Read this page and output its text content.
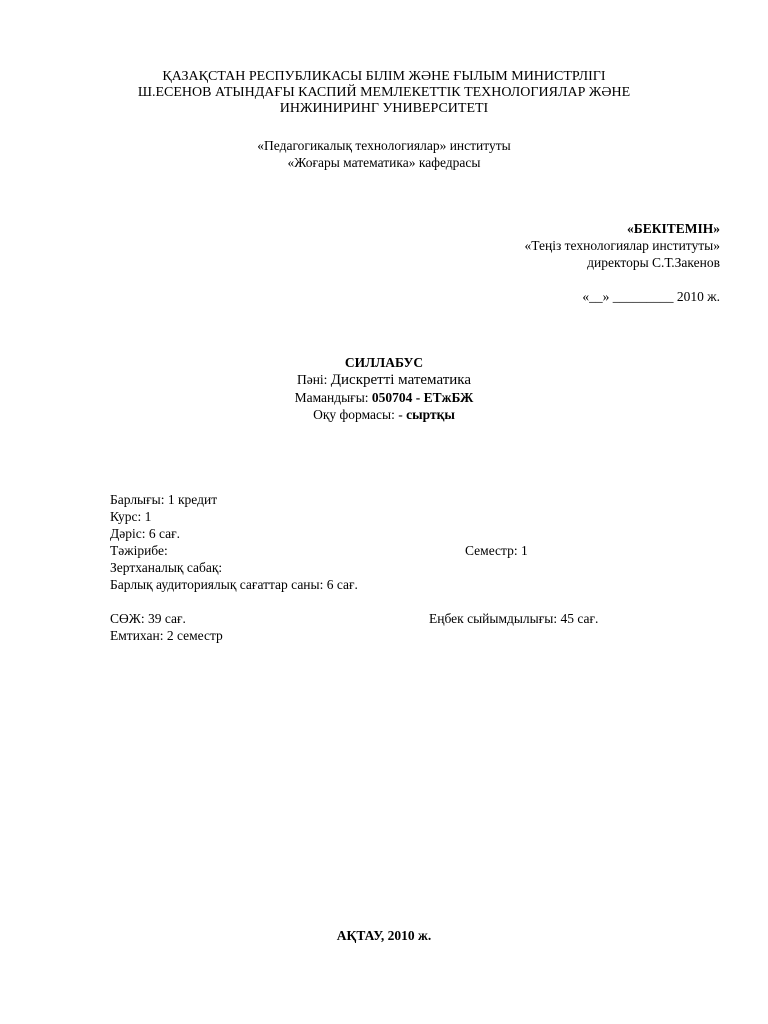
ҚАЗАҚСТАН РЕСПУБЛИКАСЫ БІЛІМ ЖӘНЕ ҒЫЛЫМ МИНИСТРЛІГІ
Ш.ЕСЕНОВ АТЫНДАҒЫ КАСПИЙ МЕМЛЕКЕТТІК ТЕХНОЛОГИЯЛАР ЖӘНЕ
ИНЖИНИРИНГ УНИВЕРСИТЕТІ
«Педагогикалық технологиялар» институты
«Жоғары математика» кафедрасы
«БЕКІТЕМІН»
«Теңіз технологиялар институты»
директоры С.Т.Закенов
«__» _________ 2010 ж.
СИЛЛАБУС
Пәні: Дискретті математика
Мамандығы: 050704 - ЕТжБЖ
Оқу формасы: - сыртқы
Барлығы: 1 кредит
Курс: 1
Дәріс: 6 сағ.
Тәжірибе:	Семестр: 1
Зертханалық сабақ:
Барлық аудиториялық сағаттар саны: 6 сағ.
СӨЖ: 39 сағ.	Еңбек сыйымдылығы: 45 сағ.
Емтихан: 2 семестр
АҚТАУ, 2010 ж.
